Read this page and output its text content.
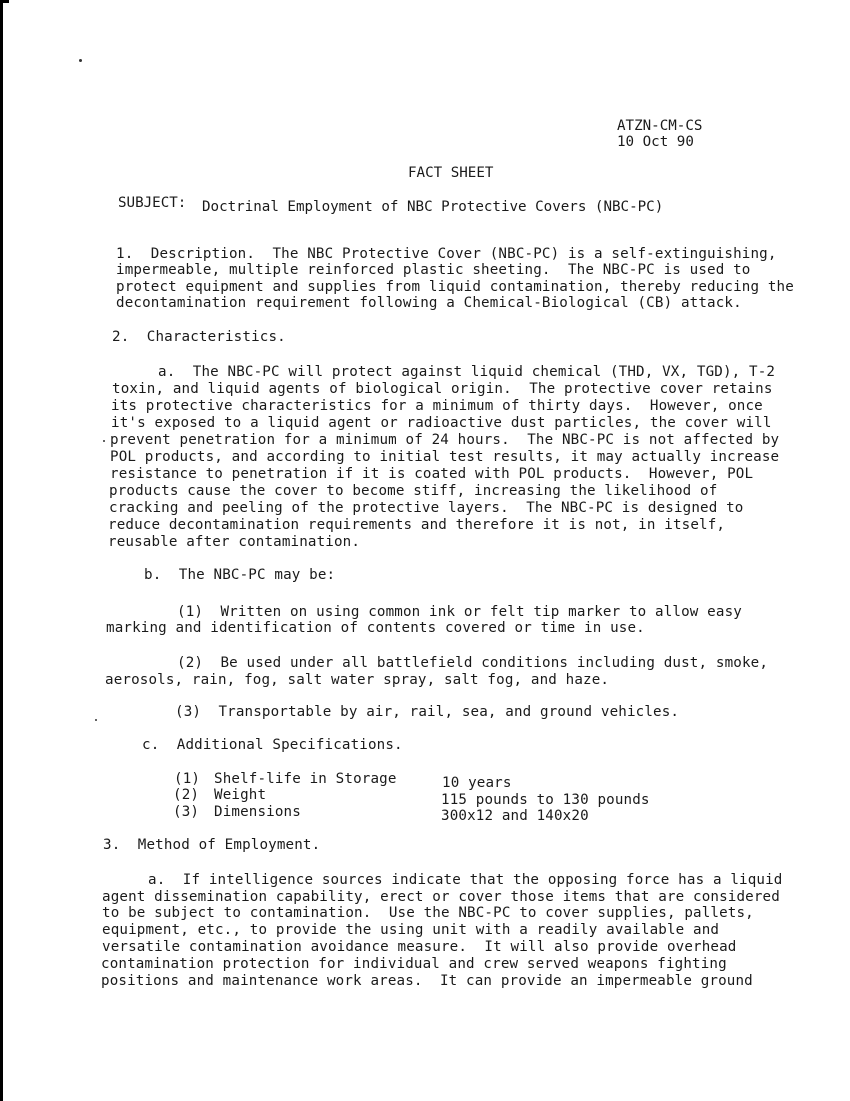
ATZN-CM-CS
10 Oct 90
FACT SHEET
SUBJECT: Doctrinal Employment of NBC Protective Covers (NBC-PC)
1.  Description.  The NBC Protective Cover (NBC-PC) is a self-extinguishing,
impermeable, multiple reinforced plastic sheeting.  The NBC-PC is used to
protect equipment and supplies from liquid contamination, thereby reducing the
decontamination requirement following a Chemical-Biological (CB) attack.
2.  Characteristics.
a.  The NBC-PC will protect against liquid chemical (THD, VX, TGD), T-2
toxin, and liquid agents of biological origin.  The protective cover retains
its protective characteristics for a minimum of thirty days.  However, once
it's exposed to a liquid agent or radioactive dust particles, the cover will
prevent penetration for a minimum of 24 hours.  The NBC-PC is not affected by
POL products, and according to initial test results, it may actually increase
resistance to penetration if it is coated with POL products.  However, POL
products cause the cover to become stiff, increasing the likelihood of
cracking and peeling of the protective layers.  The NBC-PC is designed to
reduce decontamination requirements and therefore it is not, in itself,
reusable after contamination.
b.  The NBC-PC may be:
(1)  Written on using common ink or felt tip marker to allow easy
marking and identification of contents covered or time in use.
(2)  Be used under all battlefield conditions including dust, smoke,
aerosols, rain, fog, salt water spray, salt fog, and haze.
(3)  Transportable by air, rail, sea, and ground vehicles.
c.  Additional Specifications.
(1) Shelf-life in Storage	10 years
(2) Weight	115 pounds to 130 pounds
(3) Dimensions	300x12 and 140x20
3.  Method of Employment.
a.  If intelligence sources indicate that the opposing force has a liquid
agent dissemination capability, erect or cover those items that are considered
to be subject to contamination.  Use the NBC-PC to cover supplies, pallets,
equipment, etc., to provide the using unit with a readily available and
versatile contamination avoidance measure.  It will also provide overhead
contamination protection for individual and crew served weapons fighting
positions and maintenance work areas.  It can provide an impermeable ground
